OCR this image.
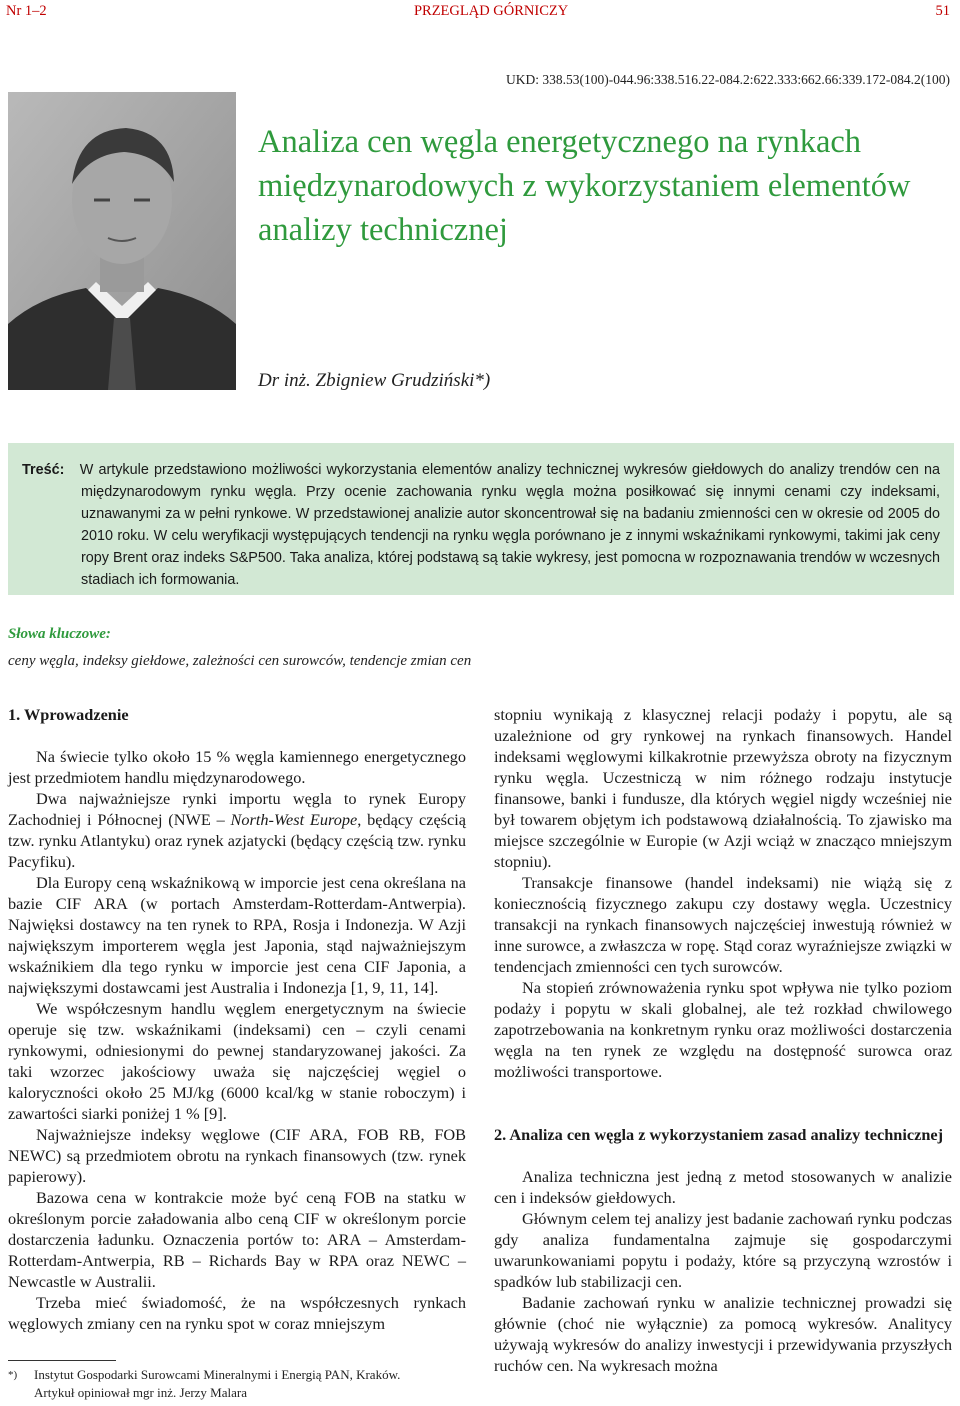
Nr 1–2	PRZEGLĄD GÓRNICZY	51
UKD: 338.53(100)-044.96:338.516.22-084.2:622.333:662.66:339.172-084.2(100)
Analiza cen węgla energetycznego na rynkach międzynarodowych z wykorzystaniem elementów analizy technicznej
Dr inż. Zbigniew Grudziński*)

Treść: W artykule przedstawiono możliwości wykorzystania elementów analizy technicznej wykresów giełdowych do analizy trendów cen na międzynarodowym rynku węgla. Przy ocenie zachowania rynku węgla można posiłkować się innymi cenami czy indeksami, uznawanymi za w pełni rynkowe. W przedstawionej analizie autor skoncentrował się na badaniu zmienności cen w okresie od 2005 do 2010 roku. W celu weryfikacji występujących tendencji na rynku węgla porównano je z innymi wskaźnikami rynkowymi, takimi jak ceny ropy Brent oraz indeks S&P500. Taka analiza, której podstawą są takie wykresy, jest pomocna w rozpoznawania trendów w wczesnych stadiach ich formowania.

Słowa kluczowe:
ceny węgla, indeksy giełdowe, zależności cen surowców, tendencje zmian cen

1. Wprowadzenie

Na świecie tylko około 15 % węgla kamiennego energetycznego jest przedmiotem handlu międzynarodowego.

Dwa najważniejsze rynki importu węgla to rynek Europy Zachodniej i Północnej (NWE – North-West Europe, będący częścią tzw. rynku Atlantyku) oraz rynek azjatycki (będący częścią tzw. rynku Pacyfiku).

Dla Europy ceną wskaźnikową w imporcie jest cena określana na bazie CIF ARA (w portach Amsterdam-Rotterdam-Antwerpia). Najwięksi dostawcy na ten rynek to RPA, Rosja i Indonezja. W Azji największym importerem węgla jest Japonia, stąd najważniejszym wskaźnikiem dla tego rynku w imporcie jest cena CIF Japonia, a największymi dostawcami jest Australia i Indonezja [1, 9, 11, 14].

We współczesnym handlu węglem energetycznym na świecie operuje się tzw. wskaźnikami (indeksami) cen – czyli cenami rynkowymi, odniesionymi do pewnej standaryzowanej jakości. Za taki wzorzec jakościowy uważa się najczęściej węgiel o kaloryczności około 25 MJ/kg (6000 kcal/kg w stanie roboczym) i zawartości siarki poniżej 1 % [9].

Najważniejsze indeksy węglowe (CIF ARA, FOB RB, FOB NEWC) są przedmiotem obrotu na rynkach finansowych (tzw. rynek papierowy).

Bazowa cena w kontrakcie może być ceną FOB na statku w określonym porcie załadowania albo ceną CIF w określonym porcie dostarczenia ładunku. Oznaczenia portów to: ARA – Amsterdam-Rotterdam-Antwerpia, RB – Richards Bay w RPA oraz NEWC – Newcastle w Australii.

Trzeba mieć świadomość, że na współczesnych rynkach węglowych zmiany cen na rynku spot w coraz mniejszym

stopniu wynikają z klasycznej relacji podaży i popytu, ale są uzależnione od gry rynkowej na rynkach finansowych. Handel indeksami węglowymi kilkakrotnie przewyższa obroty na fizycznym rynku węgla. Uczestniczą w nim różnego rodzaju instytucje finansowe, banki i fundusze, dla których węgiel nigdy wcześniej nie był towarem objętym ich podstawową działalnością. To zjawisko ma miejsce szczególnie w Europie (w Azji wciąż w znacząco mniejszym stopniu).

Transakcje finansowe (handel indeksami) nie wiążą się z koniecznością fizycznego zakupu czy dostawy węgla. Uczestnicy transakcji na rynkach finansowych najczęściej inwestują również w inne surowce, a zwłaszcza w ropę. Stąd coraz wyraźniejsze związki w tendencjach zmienności cen tych surowców.

Na stopień zrównoważenia rynku spot wpływa nie tylko poziom podaży i popytu w skali globalnej, ale też rozkład chwilowego zapotrzebowania na konkretnym rynku oraz możliwości dostarczenia węgla na ten rynek ze względu na dostępność surowca oraz możliwości transportowe.

2. Analiza cen węgla z wykorzystaniem zasad analizy technicznej

Analiza techniczna jest jedną z metod stosowanych w analizie cen i indeksów giełdowych.

Głównym celem tej analizy jest badanie zachowań rynku podczas gdy analiza fundamentalna zajmuje się gospodarczymi uwarunkowaniami popytu i podaży, które są przyczyną wzrostów i spadków lub stabilizacji cen.

Badanie zachowań rynku w analizie technicznej prowadzi się głównie (choć nie wyłącznie) za pomocą wykresów. Analitycy używają wykresów do analizy inwestycji i przewidywania przyszłych ruchów cen. Na wykresach można

*) Instytut Gospodarki Surowcami Mineralnymi i Energią PAN, Kraków.
Artykuł opiniował mgr inż. Jerzy Malara
